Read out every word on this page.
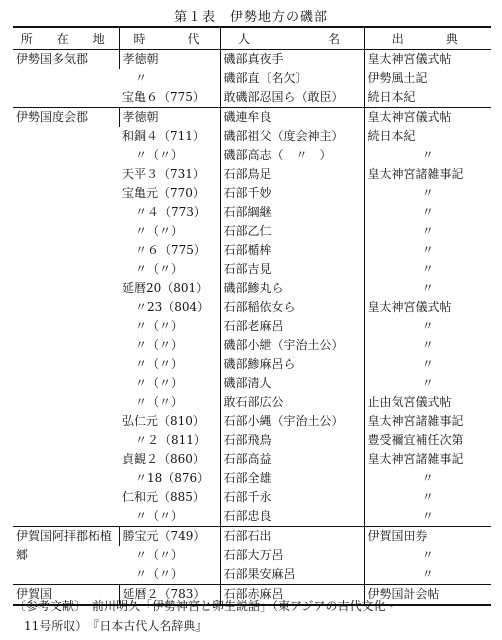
第１表　伊勢地方の磯部
所　在　地	時　　代	人　　　　名	出　　典
伊勢国多気郡	孝徳朝	磯部真夜手	皇太神宮儀式帖
	〃	磯部直〔名欠〕	伊勢風土記
	宝亀６（775）	敢磯部忍国ら（敢臣）	続日本紀
伊勢国度会郡	孝徳朝	磯連牟良	皇太神宮儀式帖
	和銅４（711）	磯部祖父（度会神主）	続日本紀
	〃（〃）	磯部高志（　〃　）	〃
	天平３（731）	石部鳥足	皇太神宮諸雑事記
	宝亀元（770）	石部千妙	〃
	〃４（773）	石部綱継	〃
	〃（〃）	石部乙仁	〃
	〃６（775）	石部楯桙	〃
	〃（〃）	石部吉見	〃
	延暦20（801）	磯部鯵丸ら	〃
	〃23（804）	石部稲依女ら	皇太神宮儀式帖
	〃（〃）	石部老麻呂	〃
	〃（〃）	磯部小紲（宇治土公）	〃
	〃（〃）	磯部鯵麻呂ら	〃
	〃（〃）	磯部清人	〃
	〃（〃）	敢石部広公	止由気宮儀式帖
	弘仁元（810）	石部小縄（宇治土公）	皇太神宮諸雑事記
	〃２（811）	石部飛鳥	豊受禰宜補任次第
	貞観２（860）	石部高益	皇太神宮諸雑事記
	〃18（876）	石部全雄	〃
	仁和元（885）	石部千永	〃
	〃（〃）	石部忠良	〃
伊賀国阿拝郡柘植郷	勝宝元（749）	石部石出	伊賀国田券
	〃（〃）	石部大万呂	〃
	〃（〃）	石部果安麻呂	〃
伊賀国	延暦２（783）	石部赤麻呂	伊勢国計会帖
〔参考文献〕　前川明久「伊勢神宮と卵生説話」（東アジアの古代文化・
11号所収）　『日本古代人名辞典』
